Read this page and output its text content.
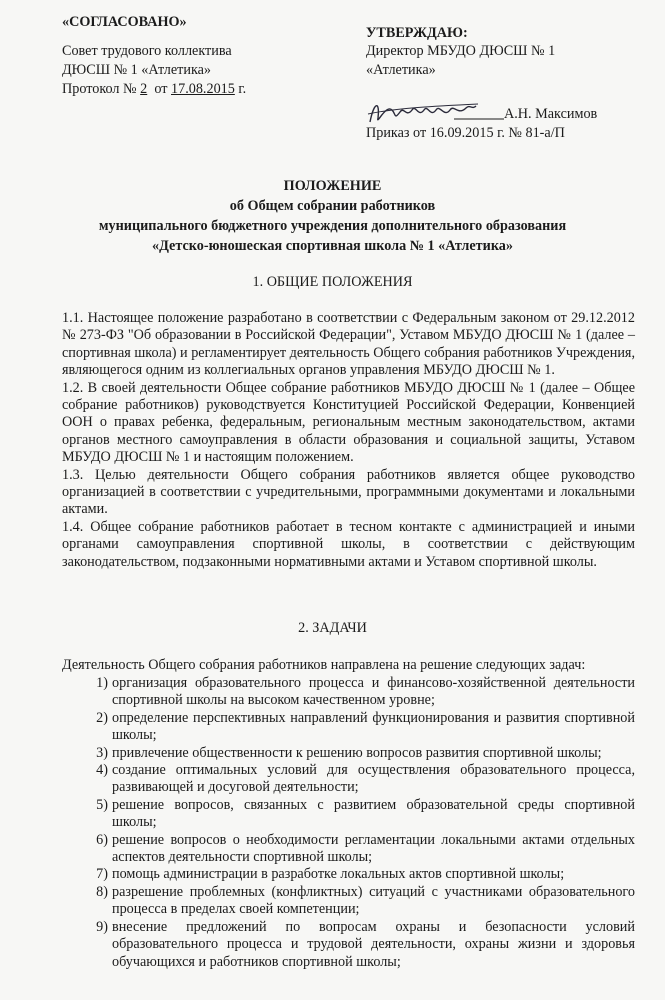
«СОГЛАСОВАНО»
Совет трудового коллектива
ДЮСШ № 1 «Атлетика»
Протокол № 2  от 17.08.2015 г.
УТВЕРЖДАЮ:
Директор МБУДО ДЮСШ № 1
«Атлетика»
А.Н. Максимов
Приказ от 16.09.2015 г. № 81-а/П
ПОЛОЖЕНИЕ
об Общем собрании работников
муниципального бюджетного учреждения дополнительного образования
«Детско-юношеская спортивная школа № 1 «Атлетика»
1. ОБЩИЕ ПОЛОЖЕНИЯ

1.1. Настоящее положение разработано в соответствии с Федеральным законом от 29.12.2012 № 273-ФЗ "Об образовании в Российской Федерации", Уставом МБУДО ДЮСШ № 1 (далее – спортивная школа) и регламентирует деятельность Общего собрания работников Учреждения, являющегося одним из коллегиальных органов управления МБУДО ДЮСШ № 1.

1.2. В своей деятельности Общее собрание работников МБУДО ДЮСШ № 1 (далее – Общее собрание работников) руководствуется Конституцией Российской Федерации, Конвенцией ООН о правах ребенка, федеральным, региональным местным законодательством, актами органов местного самоуправления в области образования и социальной защиты, Уставом МБУДО ДЮСШ № 1 и настоящим положением.

1.3. Целью деятельности Общего собрания работников является общее руководство организацией в соответствии с учредительными, программными документами и локальными актами.

1.4. Общее собрание работников работает в тесном контакте с администрацией и иными органами самоуправления спортивной школы, в соответствии с действующим законодательством, подзаконными нормативными актами и Уставом спортивной школы.

2. ЗАДАЧИ
Деятельность Общего собрания работников направлена на решение следующих задач:
1) организация образовательного процесса и финансово-хозяйственной деятельности спортивной школы на высоком качественном уровне;
2) определение перспективных направлений функционирования и развития спортивной школы;
3) привлечение общественности к решению вопросов развития спортивной школы;
4) создание оптимальных условий для осуществления образовательного процесса, развивающей и досуговой деятельности;
5) решение вопросов, связанных с развитием образовательной среды спортивной школы;
6) решение вопросов о необходимости регламентации локальными актами отдельных аспектов деятельности спортивной школы;
7) помощь администрации в разработке локальных актов спортивной школы;
8) разрешение проблемных (конфликтных) ситуаций с участниками образовательного процесса в пределах своей компетенции;
9) внесение предложений по вопросам охраны и безопасности условий образовательного процесса и трудовой деятельности, охраны жизни и здоровья обучающихся и работников спортивной школы;
